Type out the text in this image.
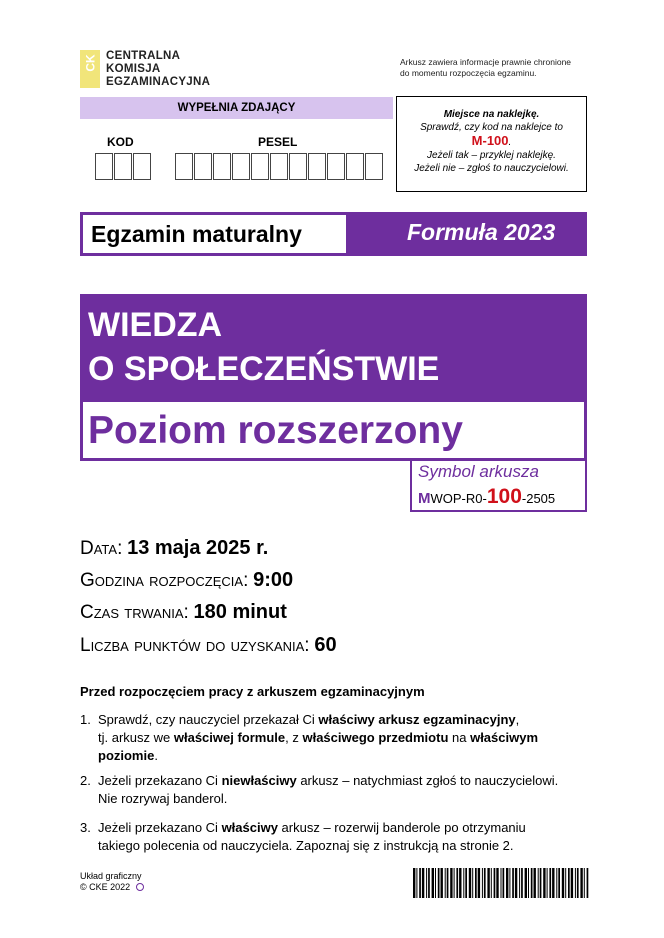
CK CENTRALNA
KOMISJA
EGZAMINACYJNA
Arkusz zawiera informacje prawnie chronione
do momentu rozpoczęcia egzaminu.
WYPEŁNIA ZDAJĄCY
KOD	PESEL
Miejsce na naklejkę.
Sprawdź, czy kod na naklejce to
M-100.
Jeżeli tak – przyklej naklejkę.
Jeżeli nie – zgłoś to nauczycielowi.
Egzamin maturalny	Formuła 2023
WIEDZA
O SPOŁECZEŃSTWIE
Poziom rozszerzony
Symbol arkusza
MWOP-R0-100-2505
Data: 13 maja 2025 r.
Godzina rozpoczęcia: 9:00
Czas trwania: 180 minut
Liczba punktów do uzyskania: 60
Przed rozpoczęciem pracy z arkuszem egzaminacyjnym
1. Sprawdź, czy nauczyciel przekazał Ci właściwy arkusz egzaminacyjny,
tj. arkusz we właściwej formule, z właściwego przedmiotu na właściwym
poziomie.
2. Jeżeli przekazano Ci niewłaściwy arkusz – natychmiast zgłoś to nauczycielowi.
Nie rozrywaj banderol.
3. Jeżeli przekazano Ci właściwy arkusz – rozerwij banderole po otrzymaniu
takiego polecenia od nauczyciela. Zapoznaj się z instrukcją na stronie 2.
Układ graficzny
© CKE 2022
